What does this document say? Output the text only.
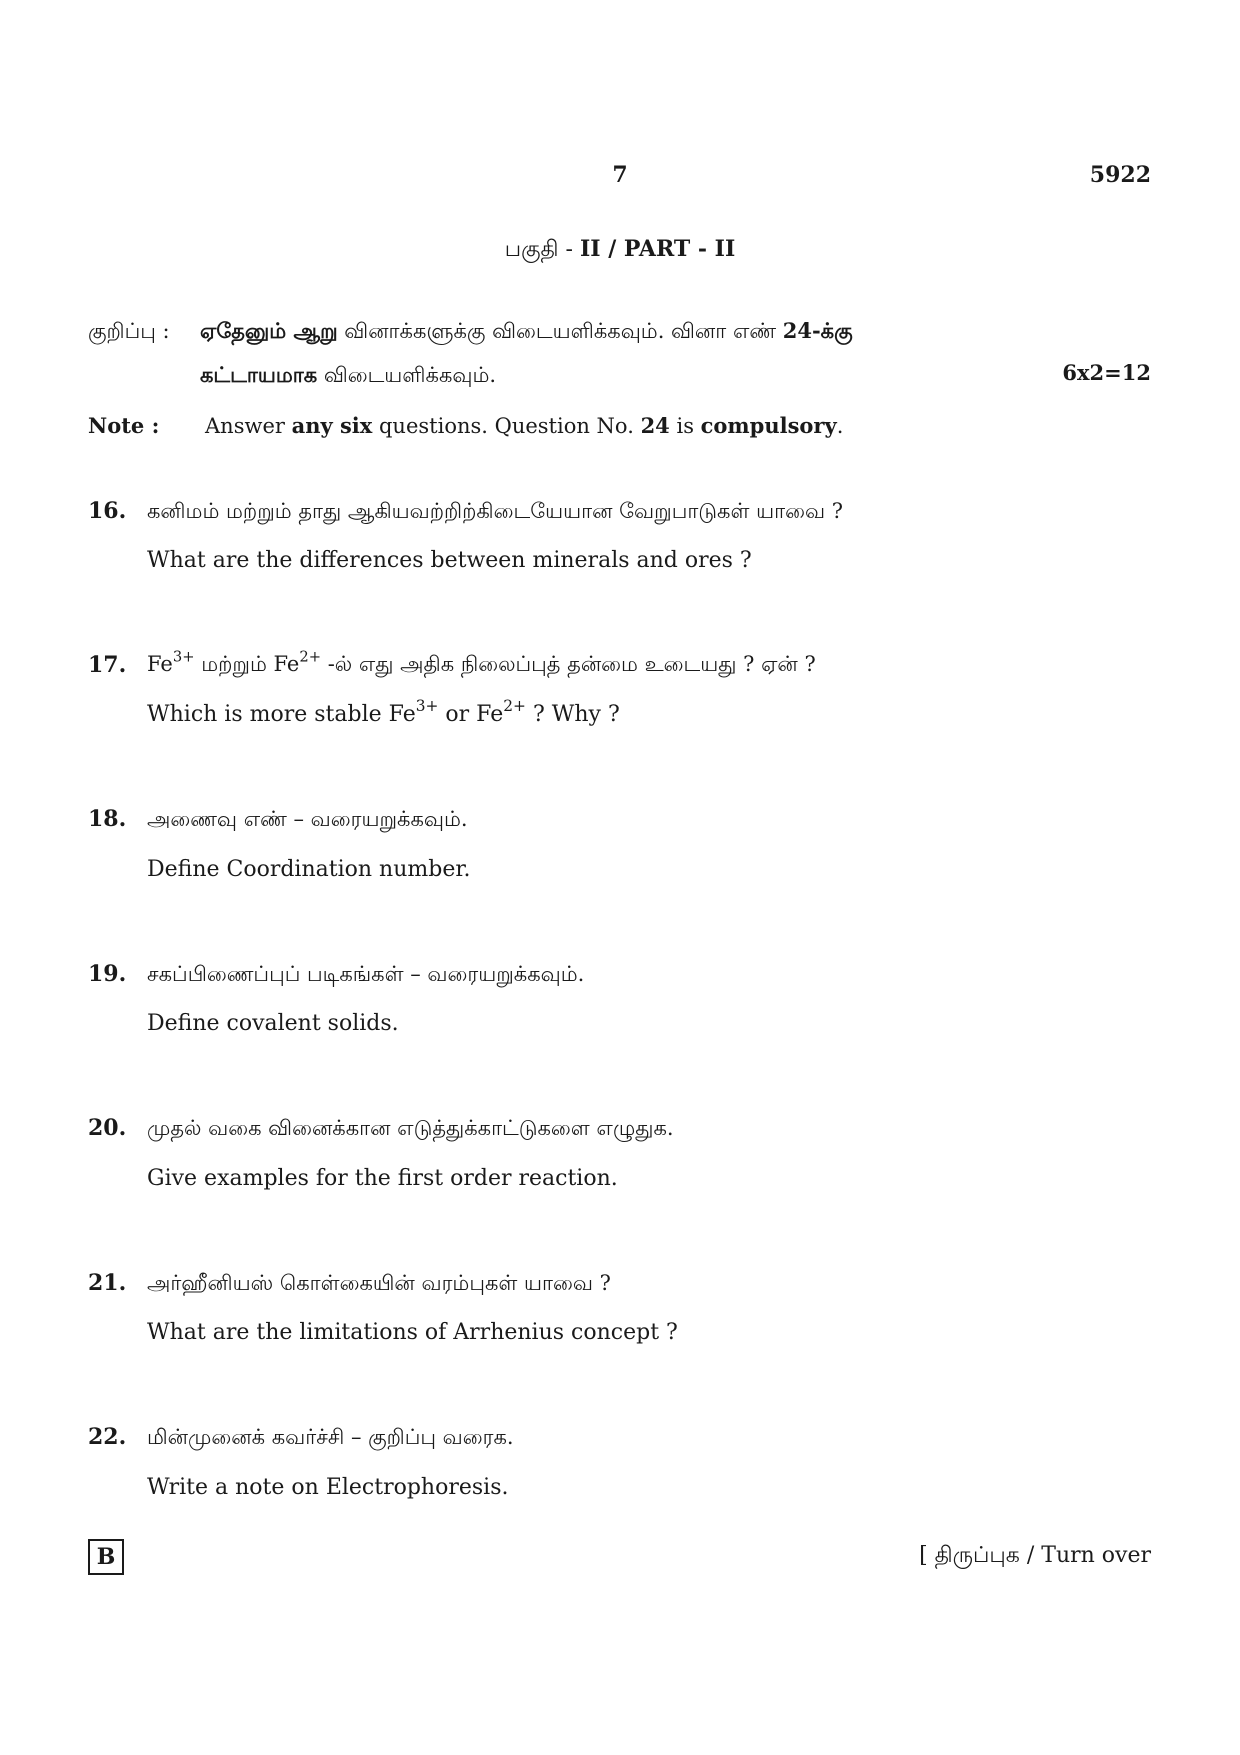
7	5922
பகுதி - II / PART - II
குறிப்பு : ஏதேனும் ஆறு வினாக்களுக்கு விடையளிக்கவும். வினா எண் 24-க்கு
கட்டாயமாக விடையளிக்கவும்.	6x2=12
Note : Answer any six questions. Question No. 24 is compulsory.
16. கனிமம் மற்றும் தாது ஆகியவற்றிற்கிடையேயான வேறுபாடுகள் யாவை ?
What are the differences between minerals and ores ?
17. $Fe^{3+}$ மற்றும் $Fe^{2+}$ -ல் எது அதிக நிலைப்புத் தன்மை உடையது ? ஏன் ?
Which is more stable $Fe^{3+}$ or $Fe^{2+}$ ? Why ?
18. அணைவு எண் – வரையறுக்கவும்.
Define Coordination number.
19. சகப்பிணைப்புப் படிகங்கள் – வரையறுக்கவும்.
Define covalent solids.
20. முதல் வகை வினைக்கான எடுத்துக்காட்டுகளை எழுதுக.
Give examples for the first order reaction.
21. அர்ஹீனியஸ் கொள்கையின் வரம்புகள் யாவை ?
What are the limitations of Arrhenius concept ?
22. மின்முனைக் கவர்ச்சி – குறிப்பு வரைக.
Write a note on Electrophoresis.
B	[ திருப்புக / Turn over
